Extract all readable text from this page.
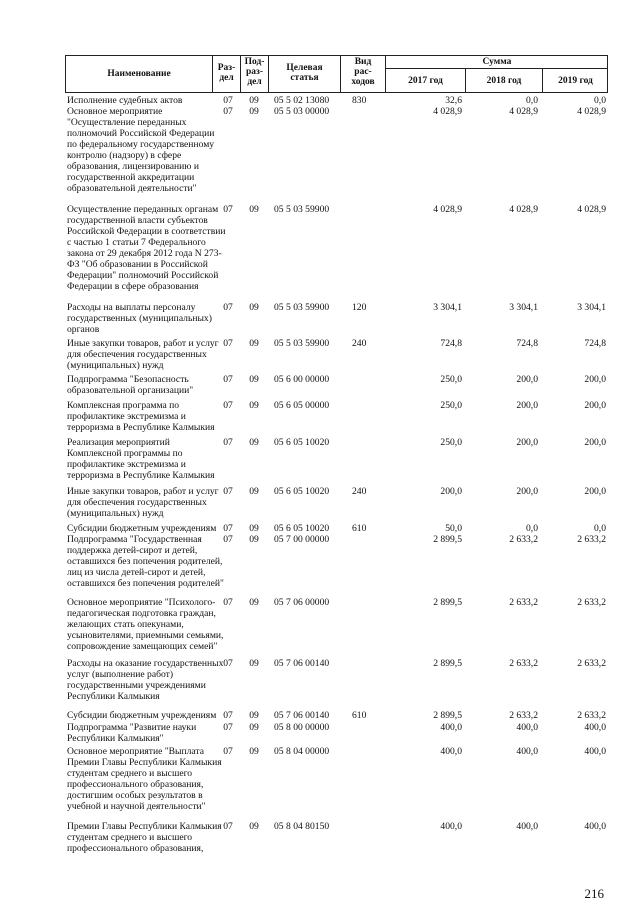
Наименование
Раз-
дел
Под-
раз-
дел
Целевая
статья
Вид
рас-
ходов
Сумма
2017 год	2018 год	2019 год
Исполнение судебных актов	07	09	05 5 02 13080	830	32,6	0,0	0,0
Основное мероприятие
"Осуществление переданных
полномочий Российской Федерации
по федеральному государственному
контролю (надзору) в сфере
образования, лицензированию и
государственной аккредитации
образовательной деятельности"
07	09	05 5 03 00000	4 028,9	4 028,9	4 028,9
Осуществление переданных органам
государственной власти субъектов
Российской Федерации в соответствии
с частью 1 статьи 7 Федерального
закона от 29 декабря 2012 года N 273-
ФЗ "Об образовании в Российской
Федерации" полномочий Российской
Федерации в сфере образования
07	09	05 5 03 59900	4 028,9	4 028,9	4 028,9
Расходы на выплаты персоналу
государственных (муниципальных)
органов
07	09	05 5 03 59900	120	3 304,1	3 304,1	3 304,1
Иные закупки товаров, работ и услуг
для обеспечения государственных
(муниципальных) нужд
07	09	05 5 03 59900	240	724,8	724,8	724,8
Подпрограмма "Безопасность
образовательной организации"
07	09	05 6 00 00000	250,0	200,0	200,0
Комплексная программа по
профилактике экстремизма и
терроризма в Республике Калмыкия
07	09	05 6 05 00000	250,0	200,0	200,0
Реализация мероприятий
Комплексной программы по
профилактике экстремизма и
терроризма в Республике Калмыкия
07	09	05 6 05 10020	250,0	200,0	200,0
Иные закупки товаров, работ и услуг
для обеспечения государственных
(муниципальных) нужд
07	09	05 6 05 10020	240	200,0	200,0	200,0
Субсидии бюджетным учреждениям 07	09	05 6 05 10020	610	50,0	0,0	0,0
Подпрограмма "Государственная
поддержка детей-сирот и детей,
оставшихся без попечения родителей,
лиц из числа детей-сирот и детей,
оставшихся без попечения родителей"
07	09	05 7 00 00000	2 899,5	2 633,2	2 633,2
Основное мероприятие "Психолого-
педагогическая подготовка граждан,
желающих стать опекунами,
усыновителями, приемными семьями,
сопровождение замещающих семей"
07	09	05 7 06 00000	2 899,5	2 633,2	2 633,2
Расходы на оказание государственных
услуг (выполнение работ)
государственными учреждениями
Республики Калмыкия
07	09	05 7 06 00140	2 899,5	2 633,2	2 633,2
Субсидии бюджетным учреждениям 07	09	05 7 06 00140	610	2 899,5	2 633,2	2 633,2
Подпрограмма "Развитие науки
Республики Калмыкия"
07	09	05 8 00 00000	400,0	400,0	400,0
Основное мероприятие "Выплата
Премии Главы Республики Калмыкия
студентам среднего и высшего
профессионального образования,
достигшим особых результатов в
учебной и научной деятельности"
07	09	05 8 04 00000	400,0	400,0	400,0
Премии Главы Республики Калмыкия
студентам среднего и высшего
профессионального образования,
07	09	05 8 04 80150	400,0	400,0	400,0
216
